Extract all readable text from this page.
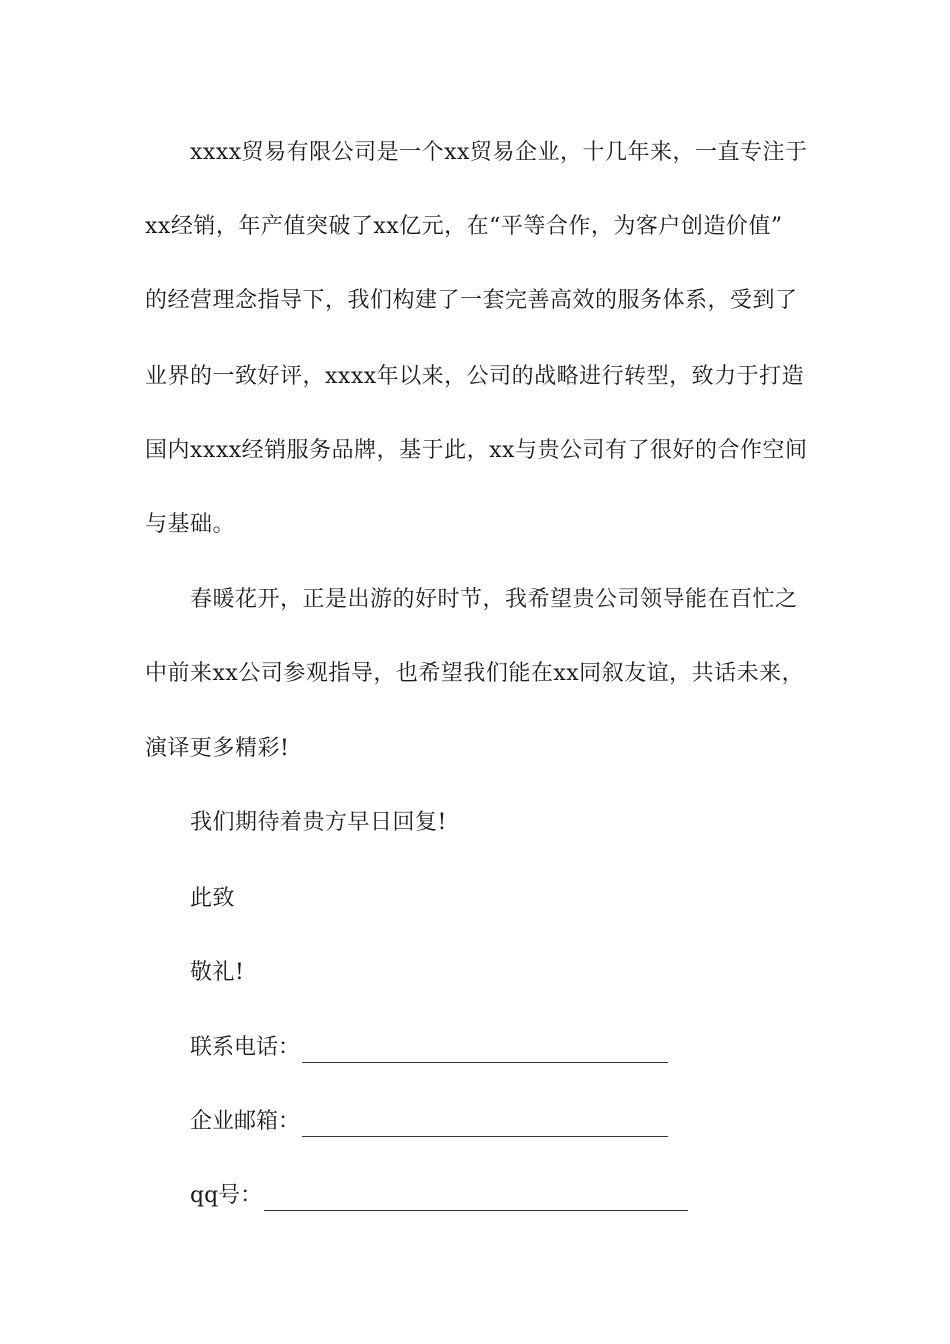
xxxx贸易有限公司是一个xx贸易企业，十几年来，一直专注于
xx经销，年产值突破了xx亿元，在“平等合作，为客户创造价值”
的经营理念指导下，我们构建了一套完善高效的服务体系，受到了
业界的一致好评，xxxx年以来，公司的战略进行转型，致力于打造
国内xxxx经销服务品牌，基于此，xx与贵公司有了很好的合作空间
与基础。
春暖花开，正是出游的好时节，我希望贵公司领导能在百忙之
中前来xx公司参观指导，也希望我们能在xx同叙友谊，共话未来，
演译更多精彩!
我们期待着贵方早日回复!
此致
敬礼!
联系电话：
企业邮箱：
qq号：
